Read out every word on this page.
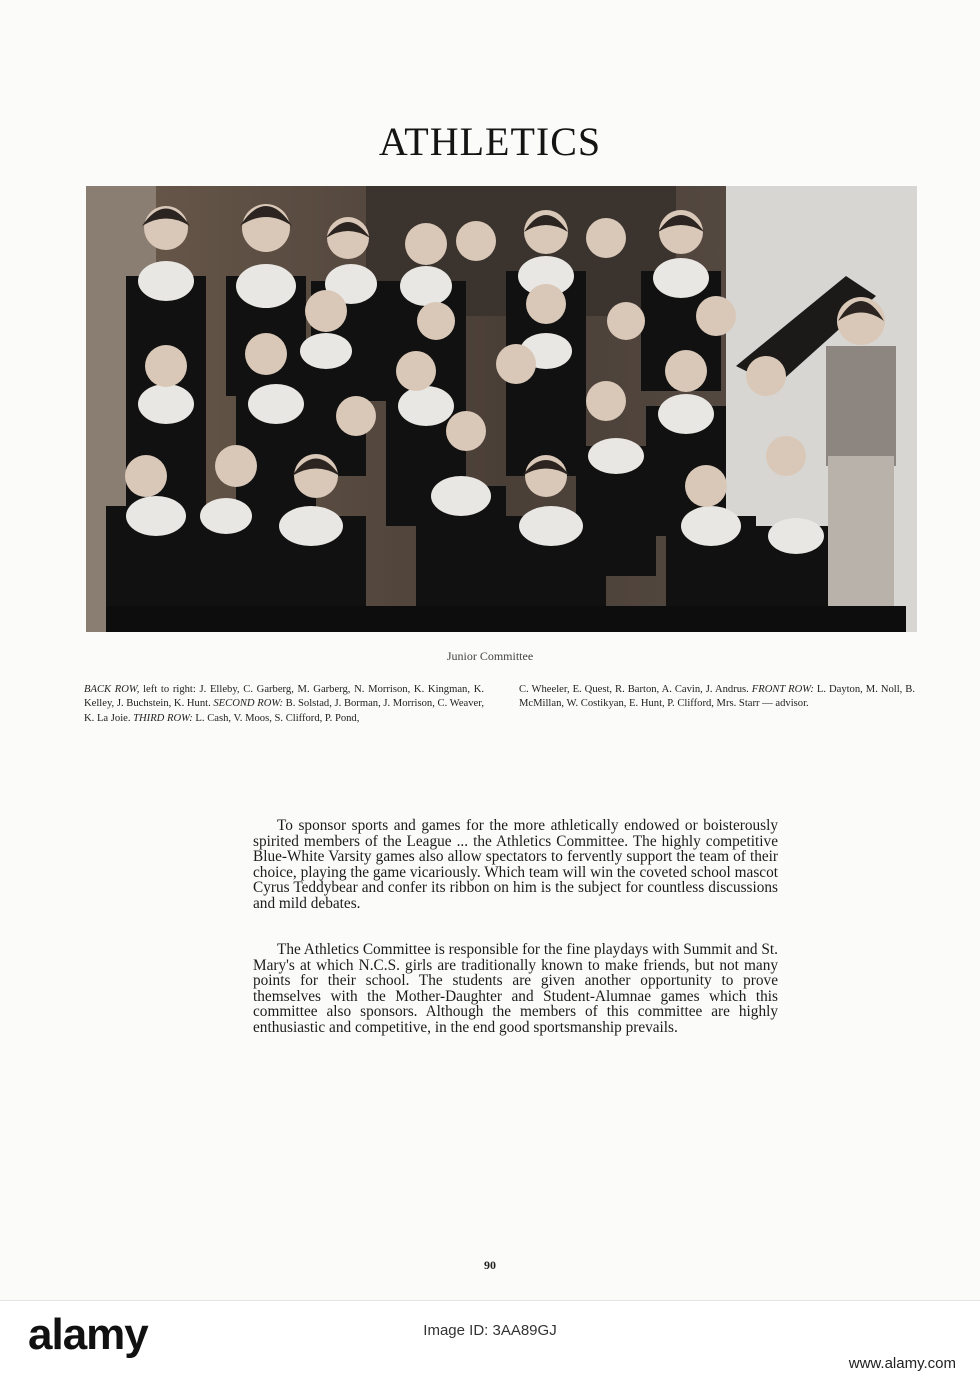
ATHLETICS
Junior Committee
BACK ROW, left to right: J. Elleby, C. Garberg, M. Garberg, N. Morrison, K. Kingman, K. Kelley, J. Buchstein, K. Hunt. SECOND ROW: B. Solstad, J. Borman, J. Morrison, C. Weaver, K. La Joie. THIRD ROW: L. Cash, V. Moos, S. Clifford, P. Pond,
C. Wheeler, E. Quest, R. Barton, A. Cavin, J. Andrus. FRONT ROW: L. Dayton, M. Noll, B. McMillan, W. Costikyan, E. Hunt, P. Clifford, Mrs. Starr — advisor.

To sponsor sports and games for the more athletically endowed or boisterously spirited members of the League ... the Athletics Committee. The highly competitive Blue-White Varsity games also allow spectators to fervently support the team of their choice, playing the game vicariously. Which team will win the coveted school mascot Cyrus Teddybear and confer its ribbon on him is the subject for countless discussions and mild debates.

The Athletics Committee is responsible for the fine playdays with Summit and St. Mary's at which N.C.S. girls are traditionally known to make friends, but not many points for their school. The students are given another opportunity to prove themselves with the Mother-Daughter and Student-Alumnae games which this committee also sponsors. Although the members of this committee are highly enthusiastic and competitive, in the end good sportsmanship prevails.

90
alamy	Image ID: 3AA89GJ
www.alamy.com
